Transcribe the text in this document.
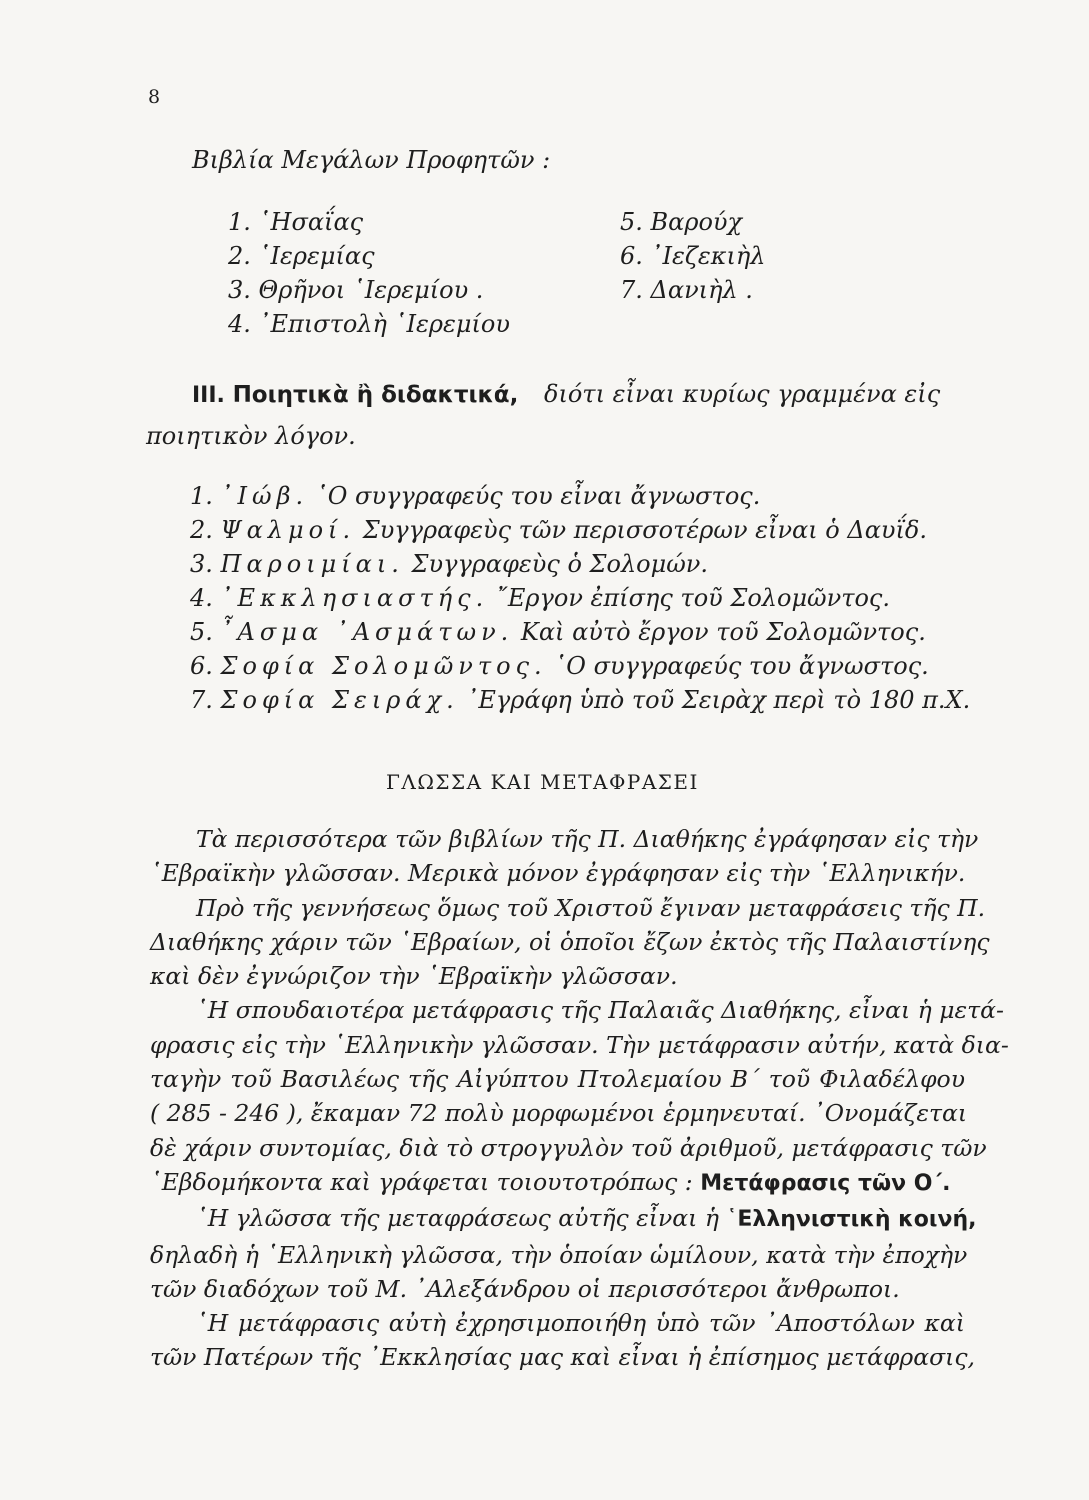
8
Βιβλία Μεγάλων Προφητῶν :
1. ῾Ησαΐας
2. ῾Ιερεμίας
3. Θρῆνοι ῾Ιερεμίου .
4. ᾿Επιστολὴ ῾Ιερεμίου
5. Βαρούχ
6. ᾿Ιεζεκιὴλ
7. Δανιὴλ .
III. Ποιητικὰ ἢ διδακτικά, διότι εἶναι κυρίως γραμμένα εἰς
ποιητικὸν λόγον.
1. ᾿Ιώβ. ῾Ο συγγραφεύς του εἶναι ἄγνωστος.
2. Ψαλμοί. Συγγραφεὺς τῶν περισσοτέρων εἶναι ὁ Δαυΐδ.
3. Παροιμίαι. Συγγραφεὺς ὁ Σολομών.
4. ᾿Εκκλησιαστής. ῎Εργον ἐπίσης τοῦ Σολομῶντος.
5. ῏Ασμα ᾿Ασμάτων. Καὶ αὐτὸ ἔργον τοῦ Σολομῶντος.
6. Σοφία Σολομῶντος. ῾Ο συγγραφεύς του ἄγνωστος.
7. Σοφία Σειράχ. ᾿Εγράφη ὑπὸ τοῦ Σειρὰχ περὶ τὸ 180 π.Χ.
ΓΛΩΣΣΑ ΚΑΙ ΜΕΤΑΦΡΑΣΕΙ
Τὰ περισσότερα τῶν βιβλίων τῆς Π. Διαθήκης ἐγράφησαν εἰς τὴν
῾Εβραϊκὴν γλῶσσαν. Μερικὰ μόνον ἐγράφησαν εἰς τὴν ῾Ελληνικήν.
Πρὸ τῆς γεννήσεως ὅμως τοῦ Χριστοῦ ἔγιναν μεταφράσεις τῆς Π.
Διαθήκης χάριν τῶν ῾Εβραίων, οἱ ὁποῖοι ἔζων ἐκτὸς τῆς Παλαιστίνης
καὶ δὲν ἐγνώριζον τὴν ῾Εβραϊκὴν γλῶσσαν.
῾Η σπουδαιοτέρα μετάφρασις τῆς Παλαιᾶς Διαθήκης, εἶναι ἡ μετά-
φρασις εἰς τὴν ῾Ελληνικὴν γλῶσσαν. Τὴν μετάφρασιν αὐτήν, κατὰ δια-
ταγὴν τοῦ Βασιλέως τῆς Αἰγύπτου Πτολεμαίου Β΄ τοῦ Φιλαδέλφου
( 285 - 246 ), ἔκαμαν 72 πολὺ μορφωμένοι ἑρμηνευταί. ᾿Ονομάζεται
δὲ χάριν συντομίας, διὰ τὸ στρογγυλὸν τοῦ ἀριθμοῦ, μετάφρασις τῶν
῾Εβδομήκοντα καὶ γράφεται τοιουτοτρόπως : Μετάφρασις τῶν Ο΄.
῾Η γλῶσσα τῆς μεταφράσεως αὐτῆς εἶναι ἡ ῾Ελληνιστικὴ κοινή,
δηλαδὴ ἡ ῾Ελληνικὴ γλῶσσα, τὴν ὁποίαν ὡμίλουν, κατὰ τὴν ἐποχὴν
τῶν διαδόχων τοῦ Μ. ᾿Αλεξάνδρου οἱ περισσότεροι ἄνθρωποι.
῾Η μετάφρασις αὐτὴ ἐχρησιμοποιήθη ὑπὸ τῶν ᾿Αποστόλων καὶ
τῶν Πατέρων τῆς ᾿Εκκλησίας μας καὶ εἶναι ἡ ἐπίσημος μετάφρασις,
